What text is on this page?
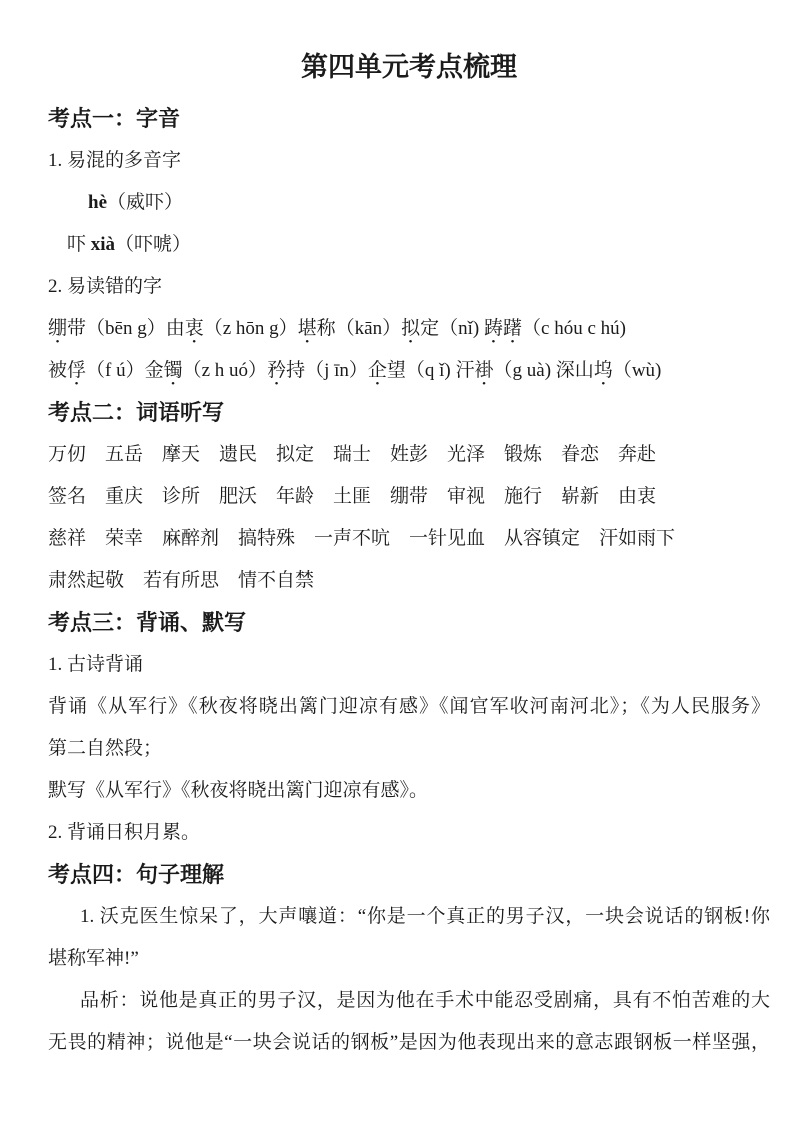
第四单元考点梳理
考点一：字音
1. 易混的多音字
hè（威吓）
吓 xià（吓唬）
2. 易读错的字
绷带（bēn g）由衷（z hōn g）堪称（kān）拟定（nǐ) 踌躇（c hóu c hú)
被俘（f ú）金镯（z h uó）矜持（j īn）企望（q ǐ) 汗褂（g uà) 深山坞（wù)
考点二：词语听写
万仞　五岳　摩天　遗民　拟定　瑞士　姓彭　光泽　锻炼　眷恋　奔赴
签名　重庆　诊所　肥沃　年龄　土匪　绷带　审视　施行　崭新　由衷
慈祥　荣幸　麻醉剂　搞特殊　一声不吭　一针见血　从容镇定　汗如雨下
肃然起敬　若有所思　情不自禁
考点三：背诵、默写
1. 古诗背诵
背诵《从军行》《秋夜将晓出篱门迎凉有感》《闻官军收河南河北》；《为人民服务》
第二自然段；
默写《从军行》《秋夜将晓出篱门迎凉有感》。
2. 背诵日积月累。
考点四：句子理解
1. 沃克医生惊呆了，大声嚷道：“你是一个真正的男子汉，一块会说话的钢板!你
堪称军神!”
品析：说他是真正的男子汉，是因为他在手术中能忍受剧痛，具有不怕苦难的大
无畏的精神；说他是“一块会说话的钢板”是因为他表现出来的意志跟钢板一样坚强，
